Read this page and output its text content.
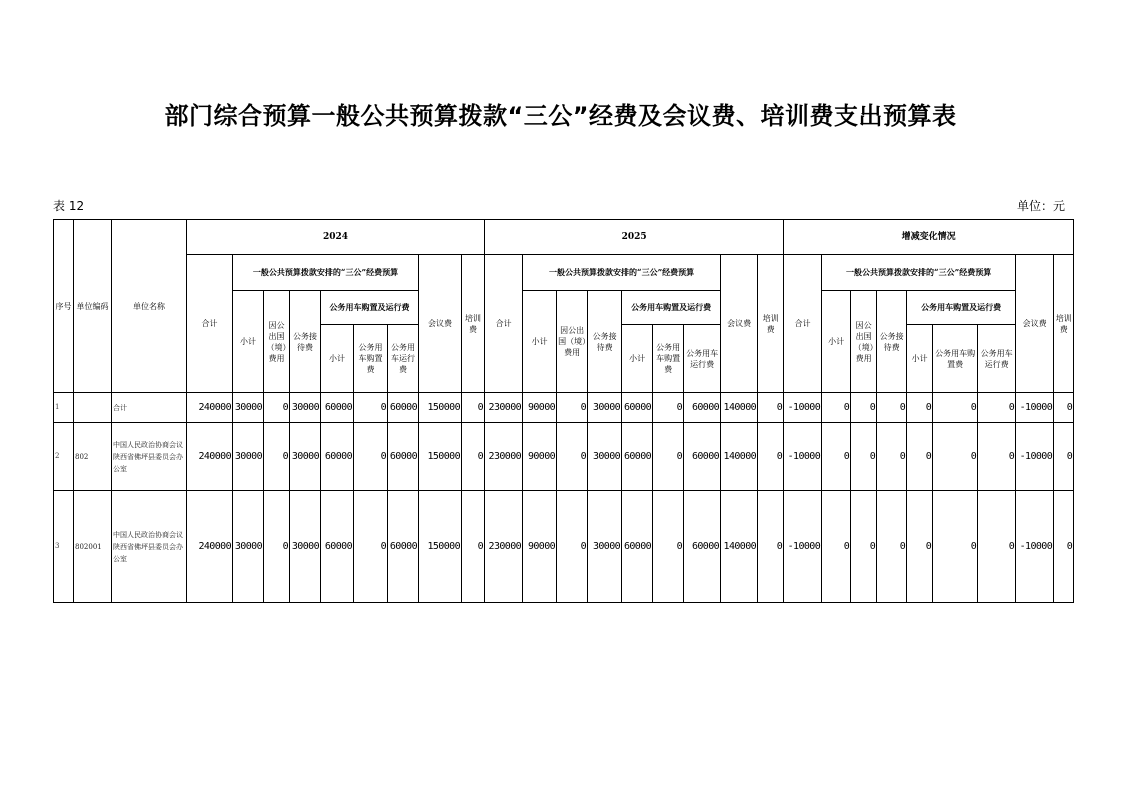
部门综合预算一般公共预算拨款“三公”经费及会议费、培训费支出预算表
表 12	单位：元
序号	单位编码	单位名称	2024									2025									增减变化情况								
			合计	一般公共预算拨款安排的“三公”经费预算						会议费	培训费	合计	一般公共预算拨款安排的“三公”经费预算						会议费	培训费	合计	一般公共预算拨款安排的“三公”经费预算						会议费	培训费
				小计	因公出国（境）费用	公务接待费	公务用车购置及运行费						小计	因公出国（境）费用	公务接待费	公务用车购置及运行费						小计	因公出国（境）费用	公务接待费	公务用车购置及运行费				
							小计	公务用车购置费	公务用车运行费							小计	公务用车购置费	公务用车运行费							小计	公务用车购置费	公务用车运行费		

1		合计	240000	30000	0	30000	60000	0	60000	150000	0	230000	90000	0	30000	60000	0	60000	140000	0	-10000	0	0	0	0	0	0	-10000	0
2	802	中国人民政治协商会议陕西省佛坪县委员会办公室	240000	30000	0	30000	60000	0	60000	150000	0	230000	90000	0	30000	60000	0	60000	140000	0	-10000	0	0	0	0	0	0	-10000	0
3	802001	中国人民政治协商会议陕西省佛坪县委员会办公室	240000	30000	0	30000	60000	0	60000	150000	0	230000	90000	0	30000	60000	0	60000	140000	0	-10000	0	0	0	0	0	0	-10000	0
